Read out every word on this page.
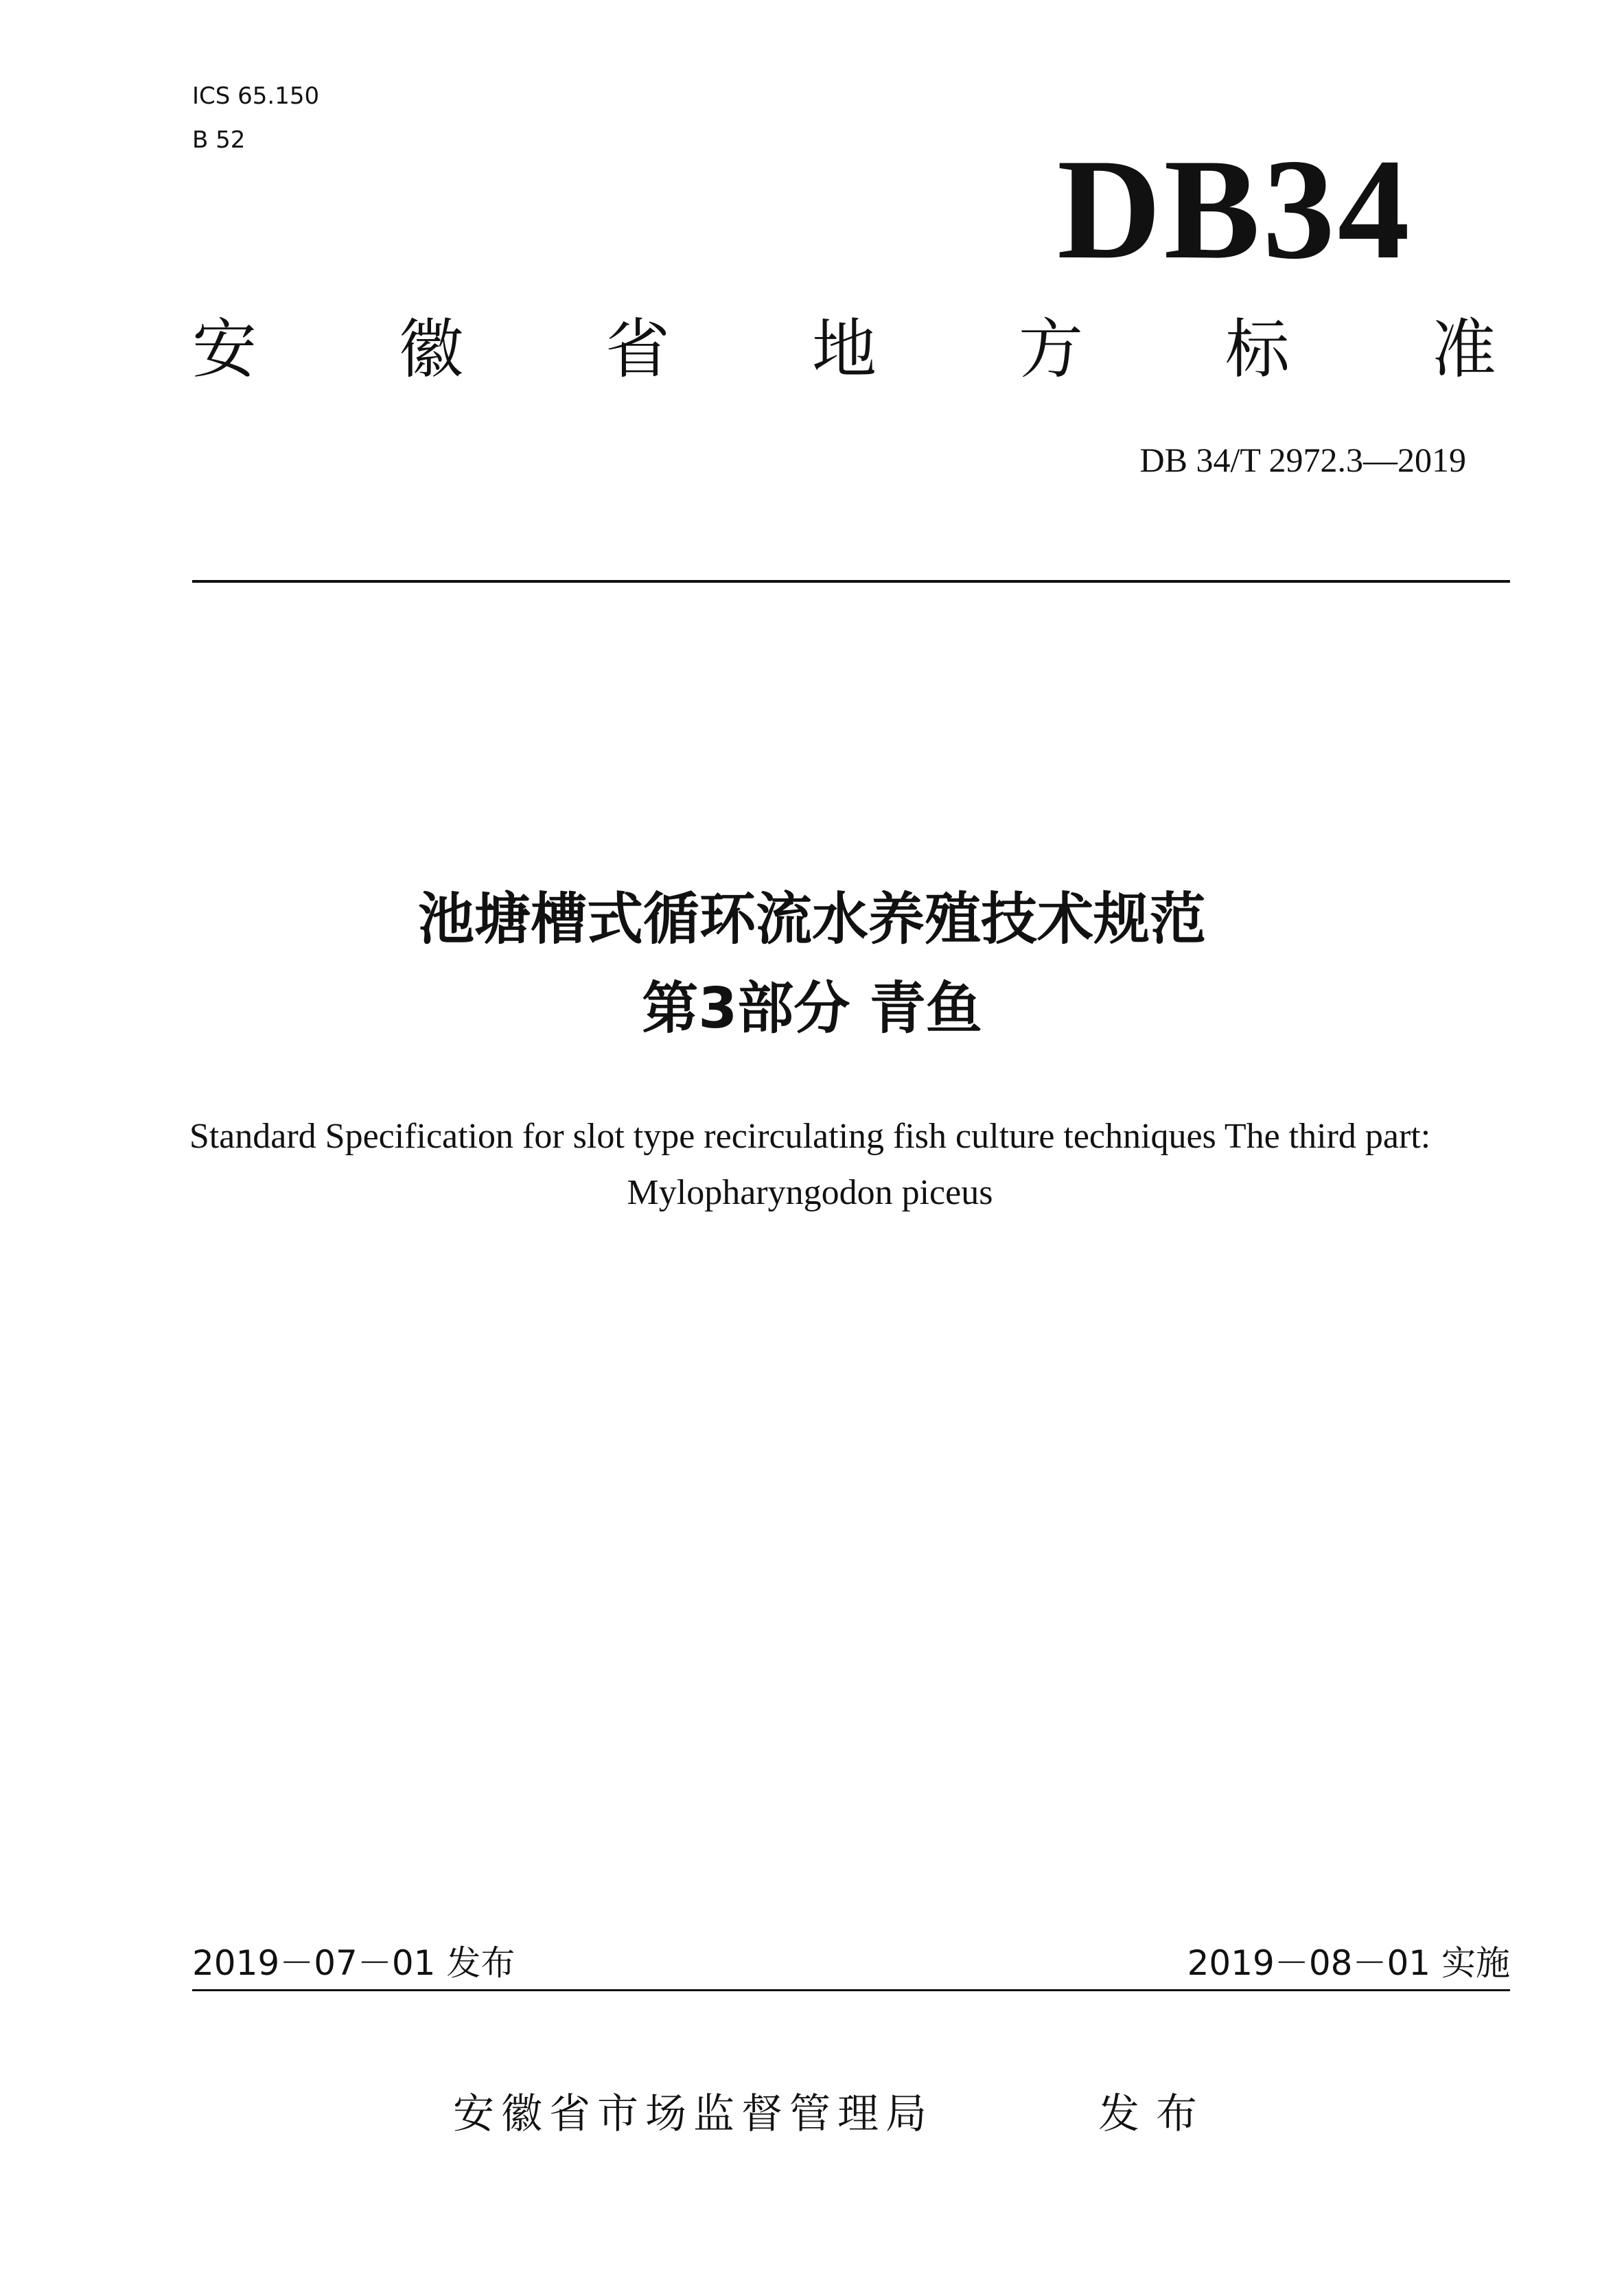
ICS 65.150
B 52	DB34
安 徽 省 地 方 标 准
DB 34/T 2972.3—2019
池塘槽式循环流水养殖技术规范
第3部分 青鱼
Standard Specification for slot type recirculating fish culture techniques The third part: Mylopharyngodon piceus
2019－07－01 发布	2019－08－01 实施
安徽省市场监督管理局	发布
